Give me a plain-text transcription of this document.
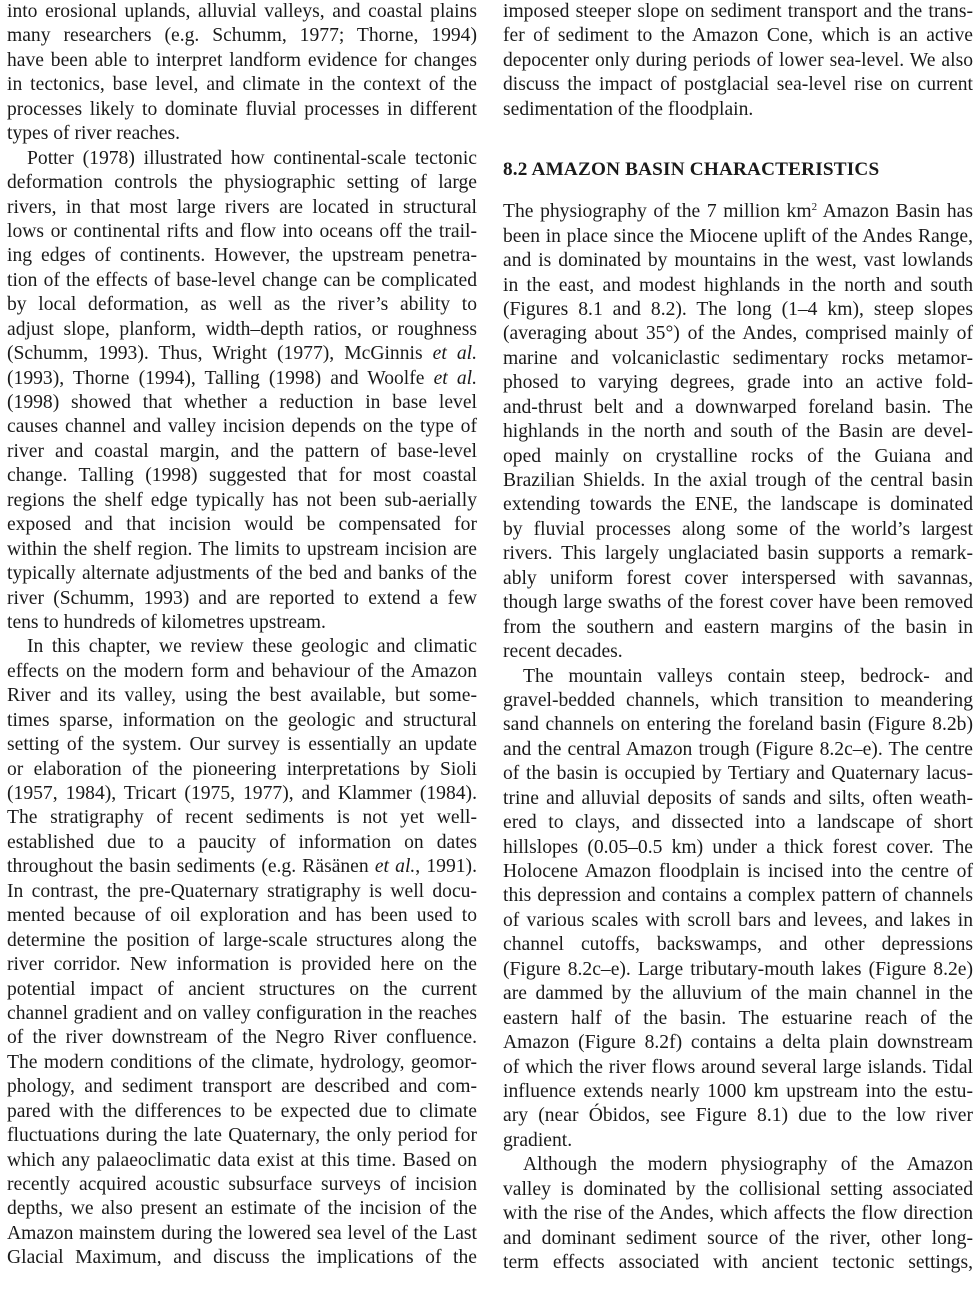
into erosional uplands, alluvial valleys, and coastal plains
many researchers (e.g. Schumm, 1977; Thorne, 1994)
have been able to interpret landform evidence for changes
in tectonics, base level, and climate in the context of the
processes likely to dominate fluvial processes in different
types of river reaches.
Potter (1978) illustrated how continental-scale tectonic
deformation controls the physiographic setting of large
rivers, in that most large rivers are located in structural
lows or continental rifts and flow into oceans off the trail-
ing edges of continents. However, the upstream penetra-
tion of the effects of base-level change can be complicated
by local deformation, as well as the river’s ability to
adjust slope, planform, width–depth ratios, or roughness
(Schumm, 1993). Thus, Wright (1977), McGinnis et al.
(1993), Thorne (1994), Talling (1998) and Woolfe et al.
(1998) showed that whether a reduction in base level
causes channel and valley incision depends on the type of
river and coastal margin, and the pattern of base-level
change. Talling (1998) suggested that for most coastal
regions the shelf edge typically has not been sub-aerially
exposed and that incision would be compensated for
within the shelf region. The limits to upstream incision are
typically alternate adjustments of the bed and banks of the
river (Schumm, 1993) and are reported to extend a few
tens to hundreds of kilometres upstream.
In this chapter, we review these geologic and climatic
effects on the modern form and behaviour of the Amazon
River and its valley, using the best available, but some-
times sparse, information on the geologic and structural
setting of the system. Our survey is essentially an update
or elaboration of the pioneering interpretations by Sioli
(1957, 1984), Tricart (1975, 1977), and Klammer (1984).
The stratigraphy of recent sediments is not yet well-
established due to a paucity of information on dates
throughout the basin sediments (e.g. Räsänen et al., 1991).
In contrast, the pre-Quaternary stratigraphy is well docu-
mented because of oil exploration and has been used to
determine the position of large-scale structures along the
river corridor. New information is provided here on the
potential impact of ancient structures on the current
channel gradient and on valley configuration in the reaches
of the river downstream of the Negro River confluence.
The modern conditions of the climate, hydrology, geomor-
phology, and sediment transport are described and com-
pared with the differences to be expected due to climate
fluctuations during the late Quaternary, the only period for
which any palaeoclimatic data exist at this time. Based on
recently acquired acoustic subsurface surveys of incision
depths, we also present an estimate of the incision of the
Amazon mainstem during the lowered sea level of the Last
Glacial Maximum, and discuss the implications of the
imposed steeper slope on sediment transport and the trans-
fer of sediment to the Amazon Cone, which is an active
depocenter only during periods of lower sea-level. We also
discuss the impact of postglacial sea-level rise on current
sedimentation of the floodplain.
8.2 AMAZON BASIN CHARACTERISTICS
The physiography of the 7 million $km^2$ Amazon Basin has
been in place since the Miocene uplift of the Andes Range,
and is dominated by mountains in the west, vast lowlands
in the east, and modest highlands in the north and south
(Figures 8.1 and 8.2). The long (1–4 km), steep slopes
(averaging about 35°) of the Andes, comprised mainly of
marine and volcaniclastic sedimentary rocks metamor-
phosed to varying degrees, grade into an active fold-
and-thrust belt and a downwarped foreland basin. The
highlands in the north and south of the Basin are devel-
oped mainly on crystalline rocks of the Guiana and
Brazilian Shields. In the axial trough of the central basin
extending towards the ENE, the landscape is dominated
by fluvial processes along some of the world’s largest
rivers. This largely unglaciated basin supports a remark-
ably uniform forest cover interspersed with savannas,
though large swaths of the forest cover have been removed
from the southern and eastern margins of the basin in
recent decades.
The mountain valleys contain steep, bedrock- and
gravel-bedded channels, which transition to meandering
sand channels on entering the foreland basin (Figure 8.2b)
and the central Amazon trough (Figure 8.2c–e). The centre
of the basin is occupied by Tertiary and Quaternary lacus-
trine and alluvial deposits of sands and silts, often weath-
ered to clays, and dissected into a landscape of short
hillslopes (0.05–0.5 km) under a thick forest cover. The
Holocene Amazon floodplain is incised into the centre of
this depression and contains a complex pattern of channels
of various scales with scroll bars and levees, and lakes in
channel cutoffs, backswamps, and other depressions
(Figure 8.2c–e). Large tributary-mouth lakes (Figure 8.2e)
are dammed by the alluvium of the main channel in the
eastern half of the basin. The estuarine reach of the
Amazon (Figure 8.2f) contains a delta plain downstream
of which the river flows around several large islands. Tidal
influence extends nearly 1000 km upstream into the estu-
ary (near Óbidos, see Figure 8.1) due to the low river
gradient.
Although the modern physiography of the Amazon
valley is dominated by the collisional setting associated
with the rise of the Andes, which affects the flow direction
and dominant sediment source of the river, other long-
term effects associated with ancient tectonic settings,
